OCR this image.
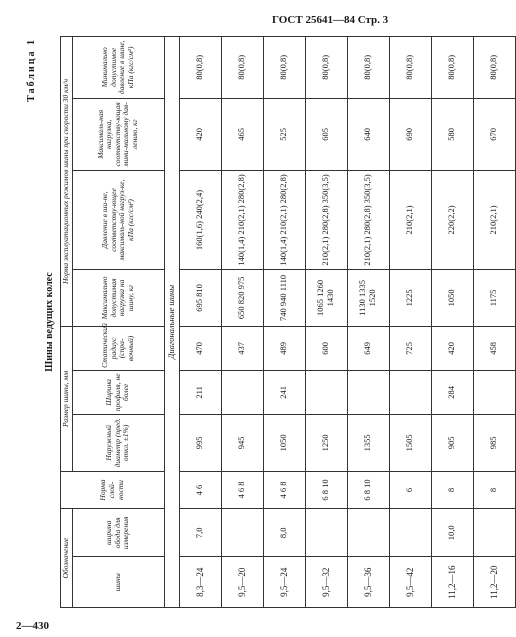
ГОСТ 25641—84 Стр. 3
Таблица 1
Шины ведущих колес
Обозначение		Норма слой-ности	Размер шины, мм			Норма эксплуатационных режимов шины при скорости 30 км/ч			
шины	ширина обода для измерения		Наружный диаметр (пред. откл. ±1%)	Ширина профиля, не более	Статический радиус (спра-вочный)	Максимально допустимая нагрузка на шину, кг	Давление в ши-не, соответству-ющее максималь-ной нагруз-ке, кПа (кгс/см²)	Максималь-ная нагрузка, соответству-ющая мини-мальному дав-лению, кг	Минимально допустимое давление в шине, кПа (кгс/см²)
Диагональные шины									
8,3—24	7,0	4 6	995	211	470	695 810	160(1,6) 240(2,4)	420	80(0,8)
9,5—20		4 6 8	945		437	650 820 975	140(1,4) 210(2,1) 280(2,8)	465	80(0,8)
9,5—24	8,0	4 6 8	1050	241	489	740 940 1110	140(1,4) 210(2,1) 280(2,8)	525	80(0,8)
9,5—32		6 8 10	1250		600	1065 1260 1430	210(2,1) 280(2,8) 350(3,5)	605	80(0,8)
9,5—36		6 8 10	1355		649	1130 1335 1520	210(2,1) 280(2,8) 350(3,5)	640	80(0,8)
9,5—42		6	1505		725	1225	210(2,1)	690	80(0,8)
11,2—16	10,0	8	905	284	420	1050	220(2,2)	580	80(0,8)
11,2—20		8	985		458	1175	210(2,1)	670	80(0,8)
2—430
